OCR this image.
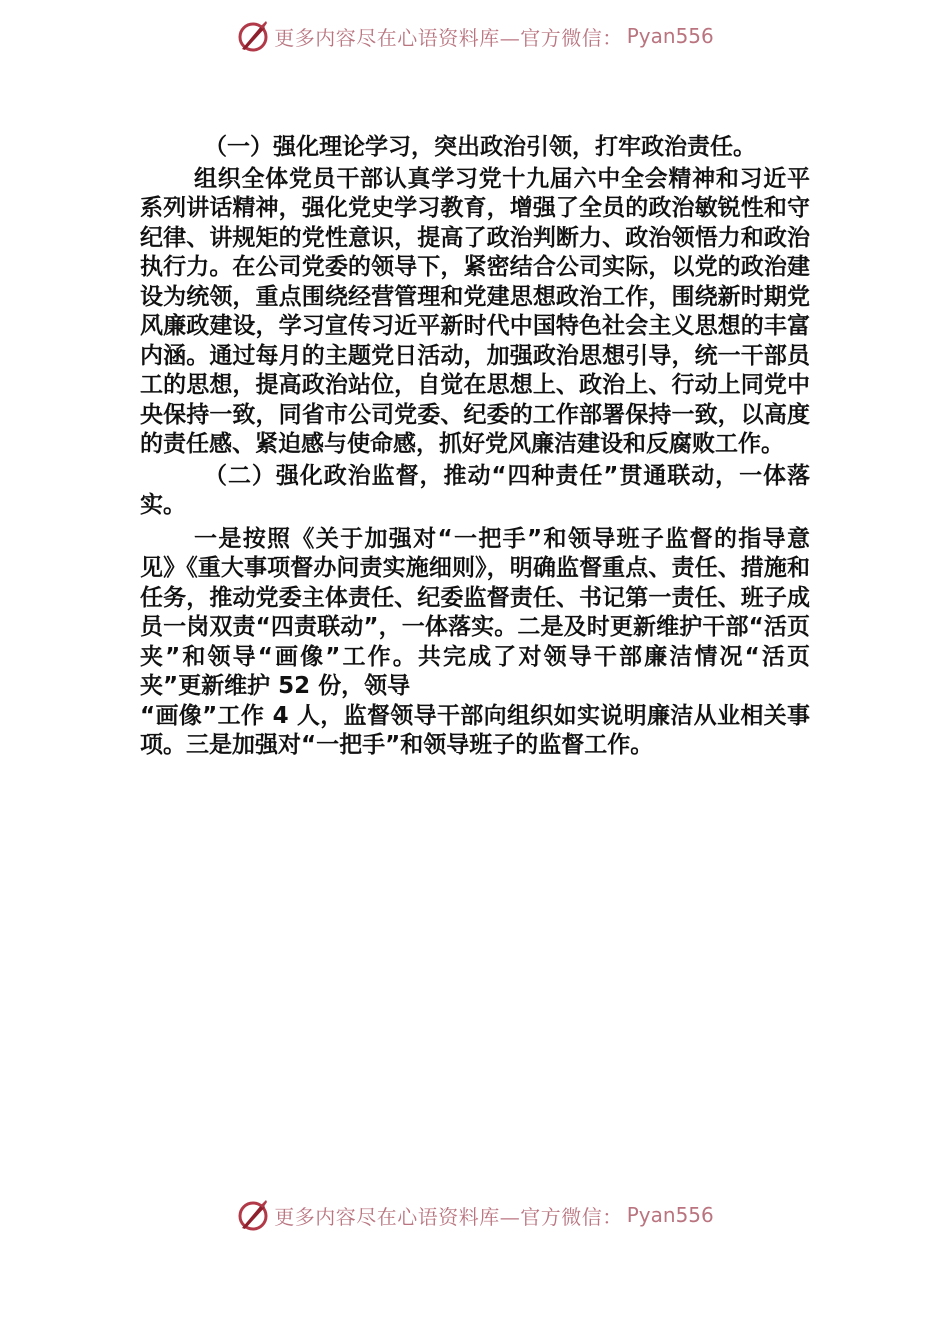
更多内容尽在心语资料库—官方微信： Pyan556

（一）强化理论学习，突出政治引领，打牢政治责任。

组织全体党员干部认真学习党十九届六中全会精神和习近平系列讲话精神，强化党史学习教育，增强了全员的政治敏锐性和守纪律、讲规矩的党性意识，提高了政治判断力、政治领悟力和政治执行力。在公司党委的领导下，紧密结合公司实际，以党的政治建设为统领，重点围绕经营管理和党建思想政治工作，围绕新时期党风廉政建设，学习宣传习近平新时代中国特色社会主义思想的丰富内涵。通过每月的主题党日活动，加强政治思想引导，统一干部员工的思想，提高政治站位，自觉在思想上、政治上、行动上同党中央保持一致，同省市公司党委、纪委的工作部署保持一致，以高度的责任感、紧迫感与使命感，抓好党风廉洁建设和反腐败工作。

（二）强化政治监督，推动“四种责任”贯通联动，一体落实。

一是按照《关于加强对“一把手”和领导班子监督的指导意见》《重大事项督办问责实施细则》，明确监督重点、责任、措施和任务，推动党委主体责任、纪委监督责任、书记第一责任、班子成员一岗双责“四责联动”，一体落实。二是及时更新维护干部“活页夹”和领导“画像”工作。共完成了对领导干部廉洁情况“活页夹”更新维护 52 份，领导

“画像”工作 4 人，监督领导干部向组织如实说明廉洁从业相关事项。三是加强对“一把手”和领导班子的监督工作。

更多内容尽在心语资料库—官方微信： Pyan556
